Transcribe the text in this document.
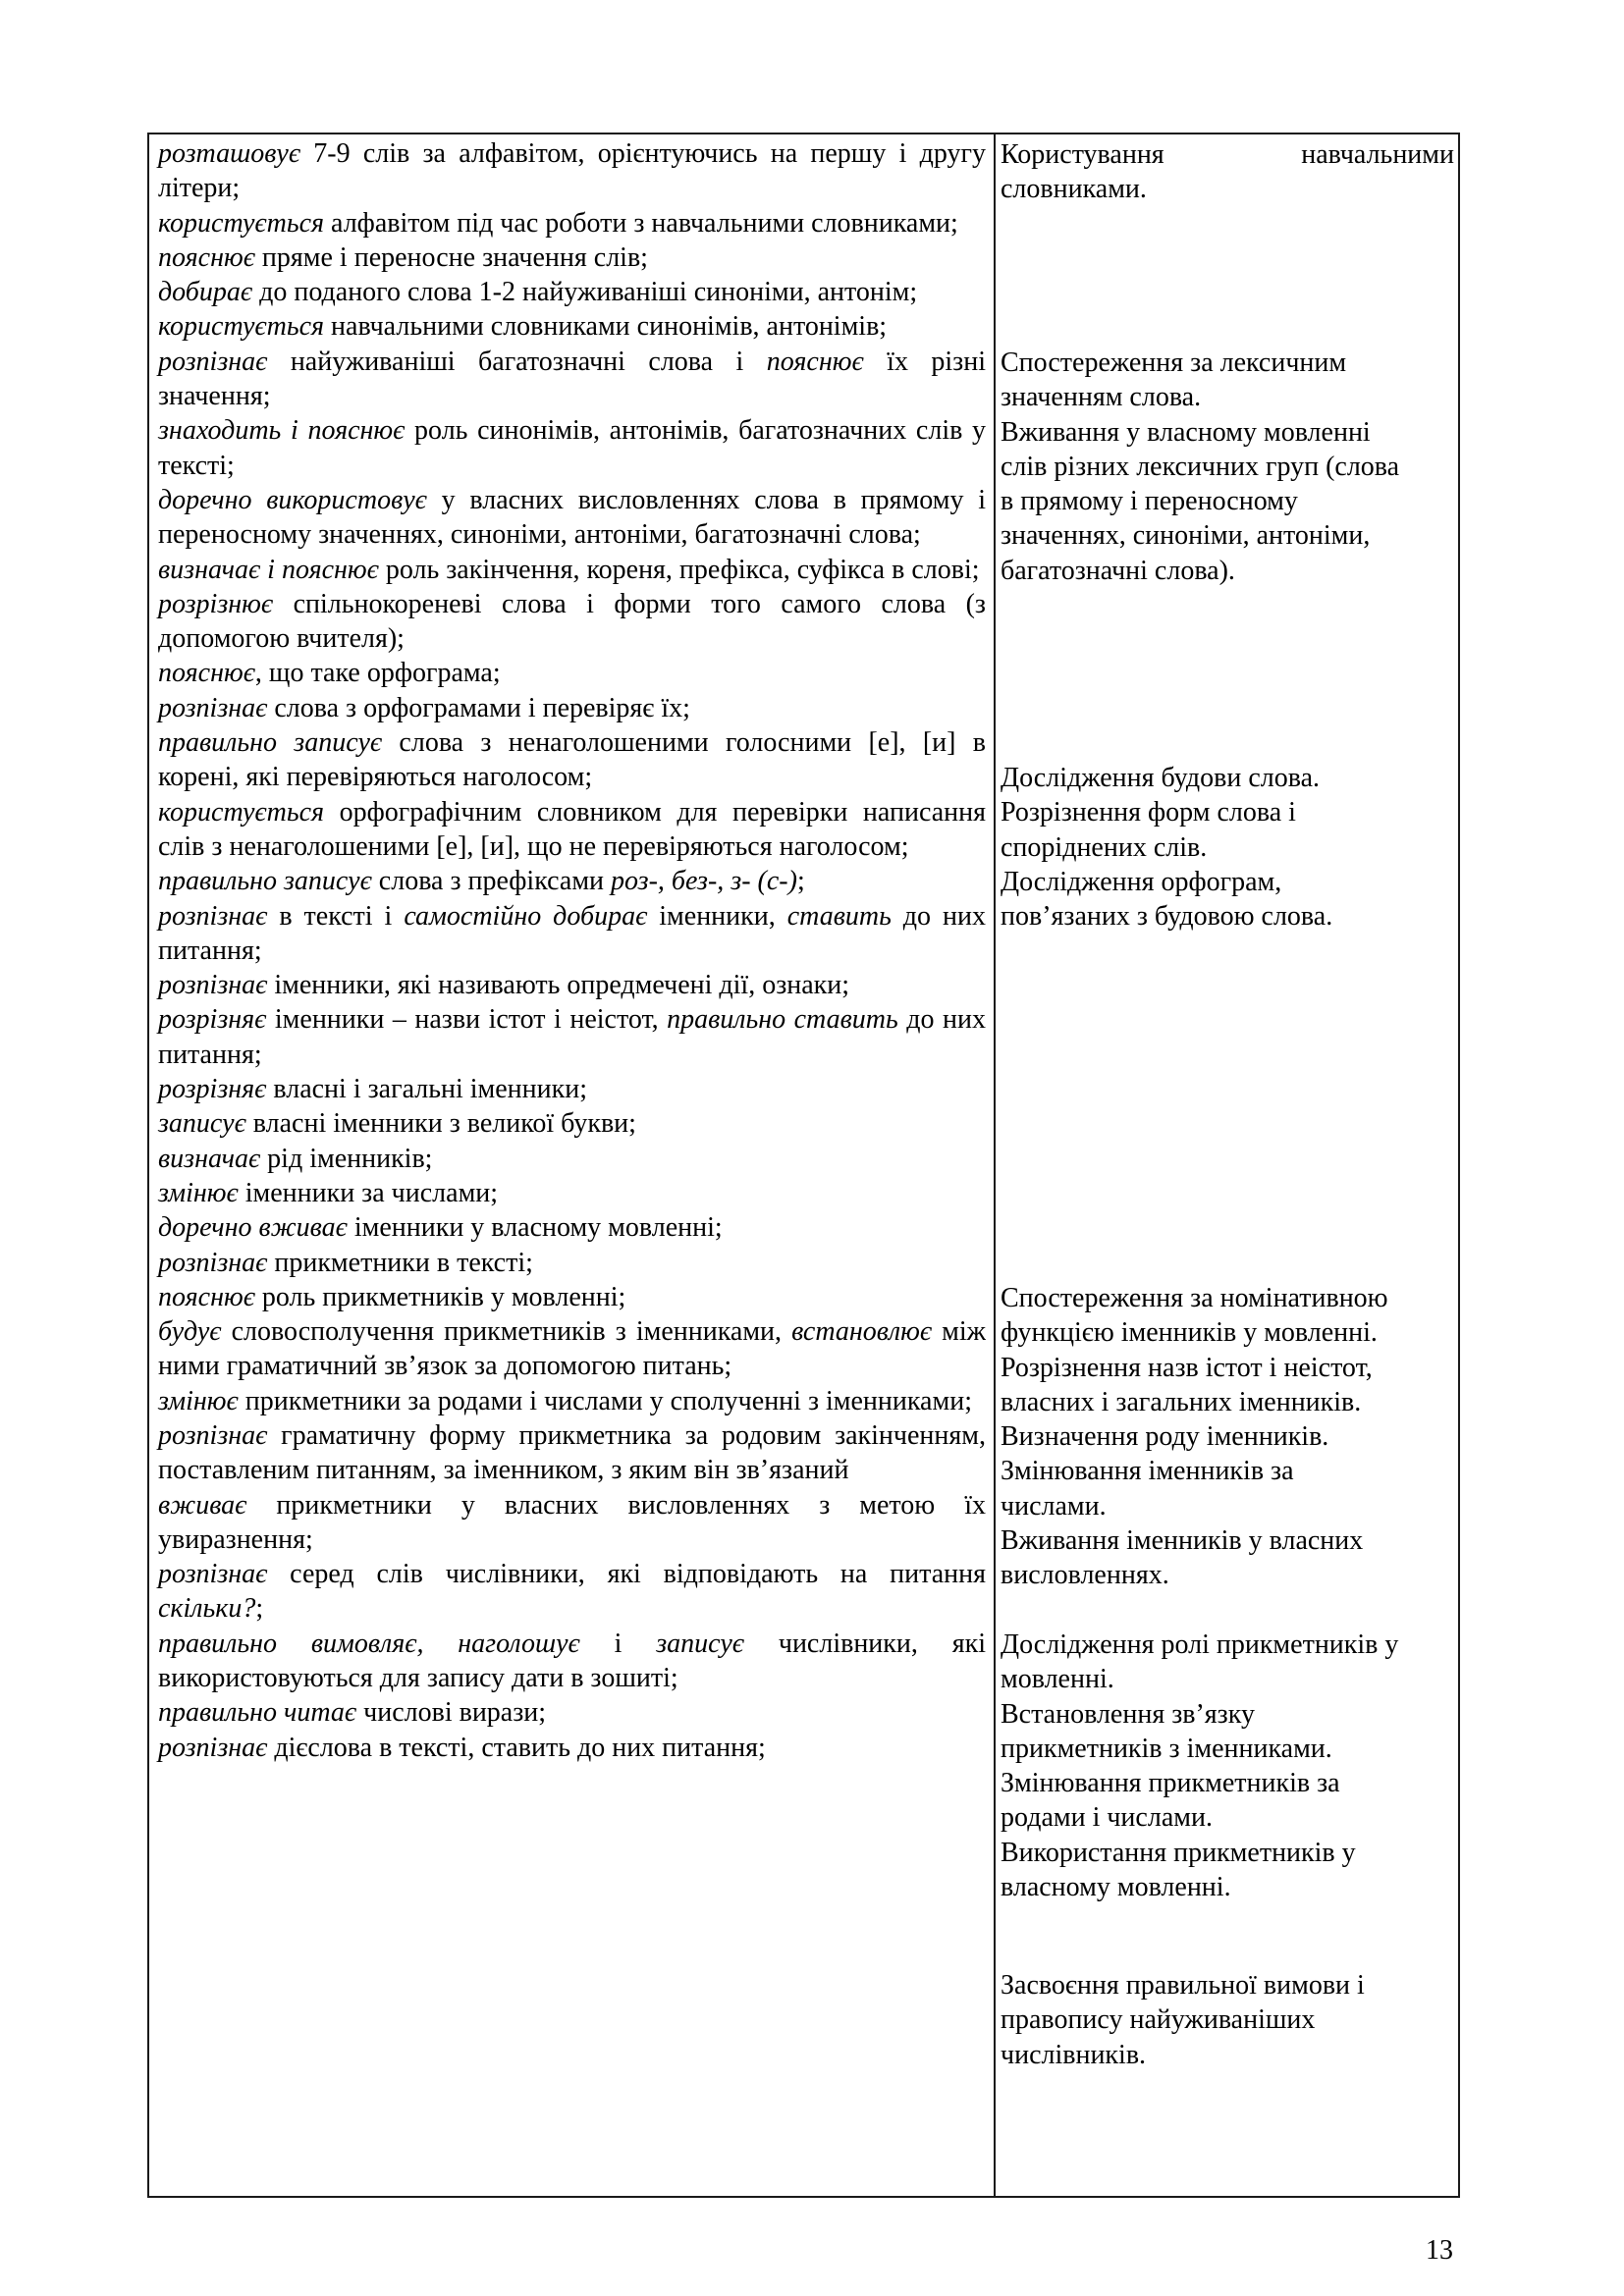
розташовує 7-9 слів за алфавітом, орієнтуючись на першу і другу літери;

користується алфавітом під час роботи з навчальними словниками;

пояснює пряме і переносне значення слів;

добирає до поданого слова 1-2 найуживаніші синоніми, антонім;

користується навчальними словниками синонімів, антонімів;

розпізнає найуживаніші багатозначні слова і пояснює їх різні значення;

знаходить і пояснює роль синонімів, антонімів, багатозначних слів у тексті;

доречно використовує у власних висловленнях слова в прямому і переносному значеннях, синоніми, антоніми, багатозначні слова;

визначає і пояснює роль закінчення, кореня, префікса, суфікса в слові;

розрізнює спільнокореневі слова і форми того самого слова (з допомогою вчителя);

пояснює, що таке орфограма;

розпізнає слова з орфограмами і перевіряє їх;

правильно записує слова з ненаголошеними голосними [е], [и] в корені, які перевіряються наголосом;

користується орфографічним словником для перевірки написання слів з ненаголошеними [е], [и], що не перевіряються наголосом;

правильно записує слова з префіксами роз-, без-, з- (с-);

розпізнає в тексті і самостійно добирає іменники, ставить до них питання;

розпізнає іменники, які називають опредмечені дії, ознаки;

розрізняє іменники – назви істот і неістот, правильно ставить до них питання;

розрізняє власні і загальні іменники;

записує власні іменники з великої букви;

визначає рід іменників;

змінює іменники за числами;

доречно вживає іменники у власному мовленні;

розпізнає прикметники в тексті;

пояснює роль прикметників у мовленні;

будує словосполучення прикметників з іменниками, встановлює між ними граматичний зв’язок за допомогою питань;

змінює прикметники за родами і числами у сполученні з іменниками;

розпізнає граматичну форму прикметника за родовим закінченням, поставленим питанням, за іменником, з яким він зв’язаний

вживає прикметники у власних висловленнях з метою їх увиразнення;

розпізнає серед слів числівники, які відповідають на питання скільки?;

правильно вимовляє, наголошує і записує числівники, які використовуються для запису дати в зошиті;

правильно читає числові вирази;

розпізнає дієслова в тексті, ставить до них питання;

Користування	навчальними
словниками.
Спостереження за лексичним
значенням слова.
Вживання у власному мовленні
слів різних лексичних груп (слова
в прямому і переносному
значеннях, синоніми, антоніми,
багатозначні слова).
Дослідження будови слова.
Розрізнення форм слова і
споріднених слів.
Дослідження орфограм,
пов’язаних з будовою слова.
Спостереження за номінативною
функцією іменників у мовленні.
Розрізнення назв істот і неістот,
власних і загальних іменників.
Визначення роду іменників.
Змінювання іменників за
числами.
Вживання іменників у власних
висловленнях.
Дослідження ролі прикметників у
мовленні.
Встановлення зв’язку
прикметників з іменниками.
Змінювання прикметників за
родами і числами.
Використання прикметників у
власному мовленні.
Засвоєння правильної вимови і
правопису найуживаніших
числівників.
13
